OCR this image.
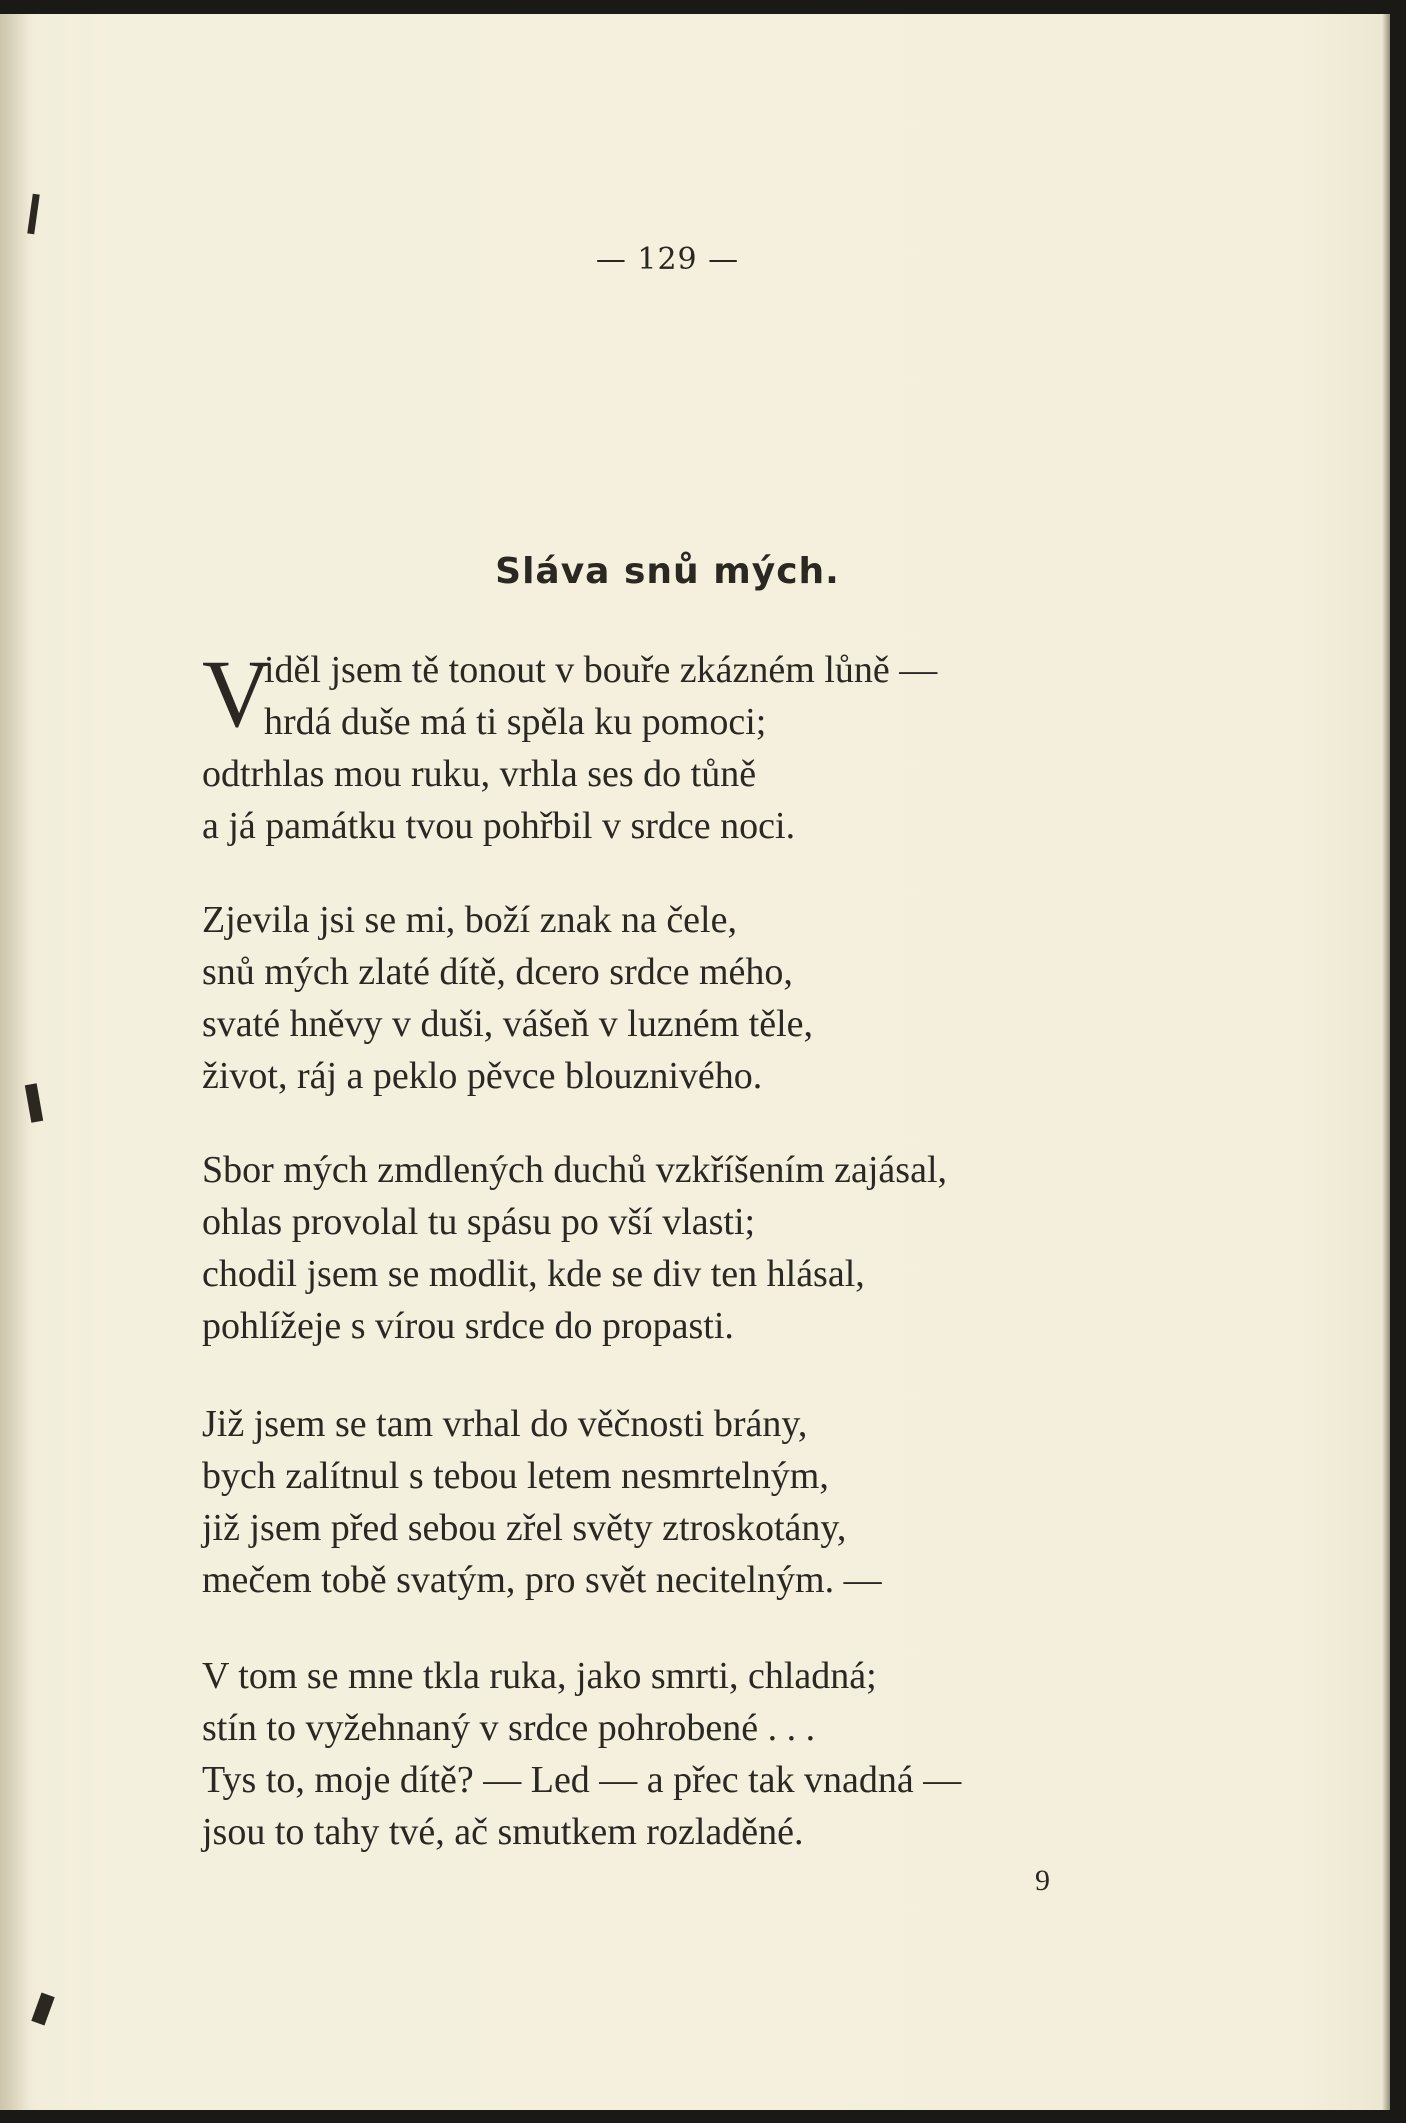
— 129 —
Sláva snů mých.
V
iděl jsem tě tonout v bouře zkázném lůně —
hrdá duše má ti spěla ku pomoci;
odtrhlas mou ruku, vrhla ses do tůně
a já památku tvou pohřbil v srdce noci.
Zjevila jsi se mi, boží znak na čele,
snů mých zlaté dítě, dcero srdce mého,
svaté hněvy v duši, vášeň v luzném těle,
život, ráj a peklo pěvce blouznivého.
Sbor mých zmdlených duchů vzkříšením zajásal,
ohlas provolal tu spásu po vší vlasti;
chodil jsem se modlit, kde se div ten hlásal,
pohlížeje s vírou srdce do propasti.
Již jsem se tam vrhal do věčnosti brány,
bych zalítnul s tebou letem nesmrtelným,
již jsem před sebou zřel světy ztroskotány,
mečem tobě svatým, pro svět necitelným. —
V tom se mne tkla ruka, jako smrti, chladná;
stín to vyžehnaný v srdce pohrobené . . .
Tys to, moje dítě? — Led — a přec tak vnadná —
jsou to tahy tvé, ač smutkem rozladěné.
9
